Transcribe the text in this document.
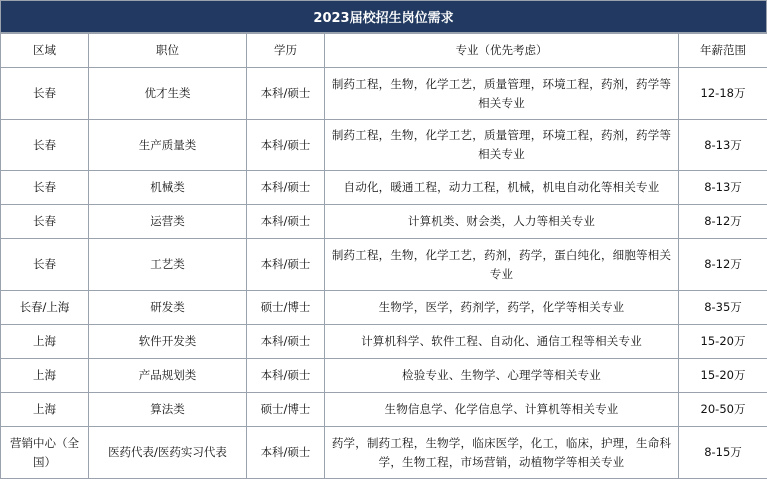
2023届校招生岗位需求
区域	职位	学历	专业（优先考虑）	年薪范围
长春	优才生类	本科/硕士	制药工程，生物，化学工艺，质量管理，环境工程，药剂，药学等相关专业	12-18万
长春	生产质量类	本科/硕士	制药工程，生物，化学工艺，质量管理，环境工程，药剂，药学等相关专业	8-13万
长春	机械类	本科/硕士	自动化，暖通工程，动力工程，机械，机电自动化等相关专业	8-13万
长春	运营类	本科/硕士	计算机类、财会类，人力等相关专业	8-12万
长春	工艺类	本科/硕士	制药工程，生物，化学工艺，药剂，药学，蛋白纯化，细胞等相关专业	8-12万
长春/上海	研发类	硕士/博士	生物学，医学，药剂学，药学，化学等相关专业	8-35万
上海	软件开发类	本科/硕士	计算机科学、软件工程、自动化、通信工程等相关专业	15-20万
上海	产品规划类	本科/硕士	检验专业、生物学、心理学等相关专业	15-20万
上海	算法类	硕士/博士	生物信息学、化学信息学、计算机等相关专业	20-50万
营销中心（全国）	医药代表/医药实习代表	本科/硕士	药学，制药工程，生物学，临床医学，化工，临床，护理，生命科学，生物工程，市场营销，动植物学等相关专业	8-15万
